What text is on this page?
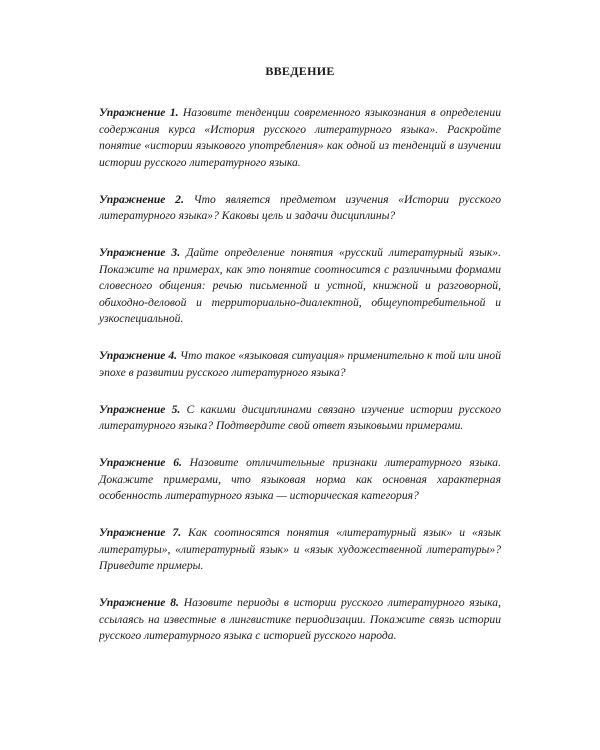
ВВЕДЕНИЕ

Упражнение 1. Назовите тенденции современного языкознания в определении содержания курса «История русского литературного языка». Раскройте понятие «истории языкового употребления» как одной из тенденций в изучении истории русского литературного языка.

Упражнение 2. Что является предметом изучения «Истории русского литературного языка»? Каковы цель и задачи дисциплины?

Упражнение 3. Дайте определение понятия «русский литературный язык». Покажите на примерах, как это понятие соотносится с различными формами словесного общения: речью письменной и устной, книжной и разговорной, обиходно-деловой и территориально-диалектной, общеупотребительной и узкоспециальной.

Упражнение 4. Что такое «языковая ситуация» применительно к той или иной эпохе в развитии русского литературного языка?

Упражнение 5. С какими дисциплинами связано изучение истории русского литературного языка? Подтвердите свой ответ языковыми примерами.

Упражнение 6. Назовите отличительные признаки литературного языка. Докажите примерами, что языковая норма как основная характерная особенность литературного языка — историческая категория?

Упражнение 7. Как соотносятся понятия «литературный язык» и «язык литературы», «литературный язык» и «язык художественной литературы»? Приведите примеры.

Упражнение 8. Назовите периоды в истории русского литературного языка, ссылаясь на известные в лингвистике периодизации. Покажите связь истории русского литературного языка с историей русского народа.
